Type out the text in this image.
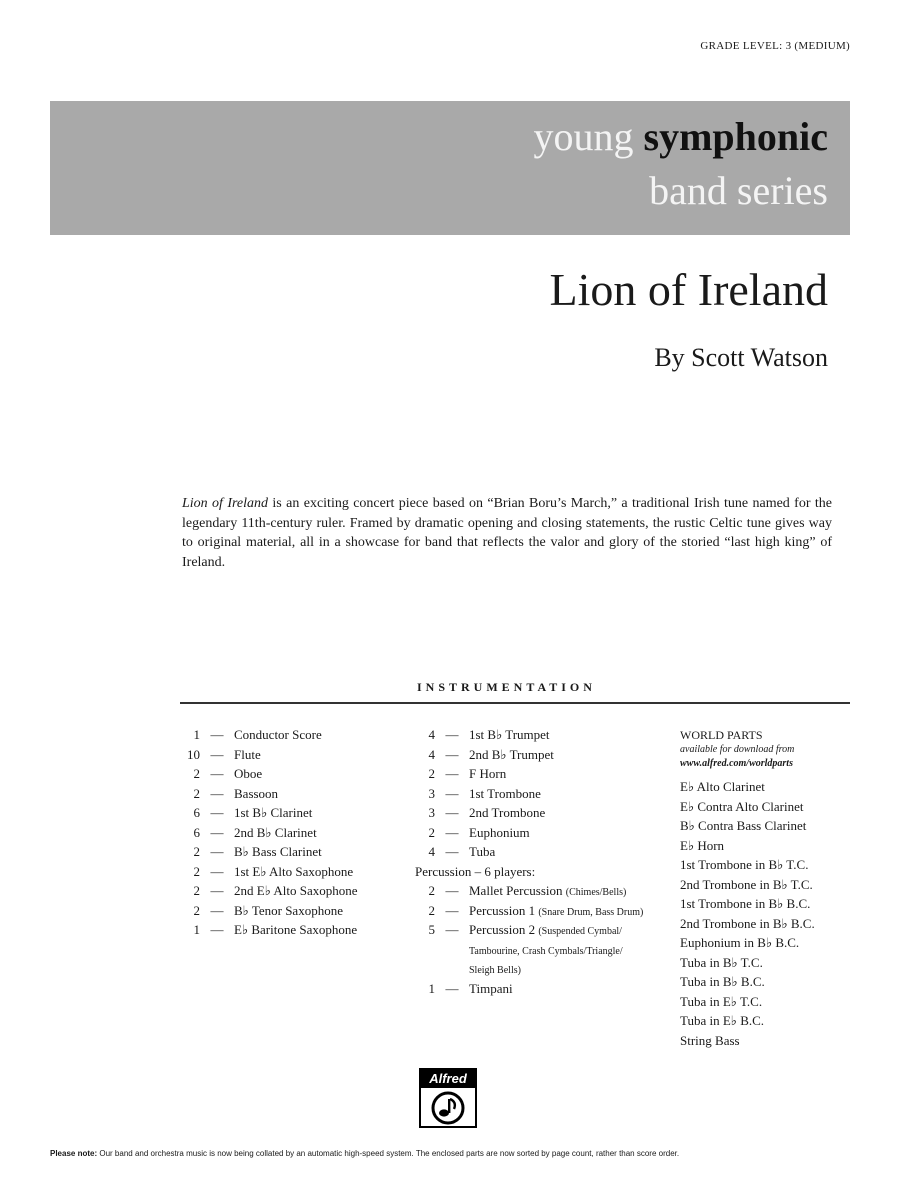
GRADE LEVEL: 3 (MEDIUM)
young symphonic
band series
Lion of Ireland
By Scott Watson
Lion of Ireland is an exciting concert piece based on “Brian Boru’s March,” a traditional Irish tune named for the legendary 11th-century ruler. Framed by dramatic opening and closing statements, the rustic Celtic tune gives way to original material, all in a showcase for band that reflects the valor and glory of the storied “last high king” of Ireland.
INSTRUMENTATION
1 — Conductor Score
10 — Flute
2 — Oboe
2 — Bassoon
6 — 1st B♭ Clarinet
6 — 2nd B♭ Clarinet
2 — B♭ Bass Clarinet
2 — 1st E♭ Alto Saxophone
2 — 2nd E♭ Alto Saxophone
2 — B♭ Tenor Saxophone
1 — E♭ Baritone Saxophone
4 — 1st B♭ Trumpet
4 — 2nd B♭ Trumpet
2 — F Horn
3 — 1st Trombone
3 — 2nd Trombone
2 — Euphonium
4 — Tuba
Percussion – 6 players:
2 — Mallet Percussion (Chimes/Bells)
2 — Percussion 1 (Snare Drum, Bass Drum)
5 — Percussion 2 (Suspended Cymbal/
Tambourine, Crash Cymbals/Triangle/
Sleigh Bells)
1 — Timpani
WORLD PARTS
available for download from
www.alfred.com/worldparts
E♭ Alto Clarinet
E♭ Contra Alto Clarinet
B♭ Contra Bass Clarinet
E♭ Horn
1st Trombone in B♭ T.C.
2nd Trombone in B♭ T.C.
1st Trombone in B♭ B.C.
2nd Trombone in B♭ B.C.
Euphonium in B♭ B.C.
Tuba in B♭ T.C.
Tuba in B♭ B.C.
Tuba in E♭ T.C.
Tuba in E♭ B.C.
String Bass
Alfred
Please note: Our band and orchestra music is now being collated by an automatic high-speed system. The enclosed parts are now sorted by page count, rather than score order.
